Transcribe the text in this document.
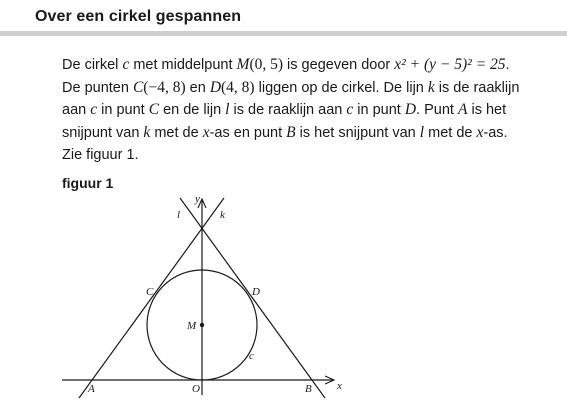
Over een cirkel gespannen
De cirkel c met middelpunt M(0, 5) is gegeven door x² + (y − 5)² = 25.
De punten C(−4, 8) en D(4, 8) liggen op de cirkel. De lijn k is de raaklijn
aan c in punt C en de lijn l is de raaklijn aan c in punt D. Punt A is het
snijpunt van k met de x-as en punt B is het snijpunt van l met de x-as.
Zie figuur 1.
figuur 1
y
x
l	k
C	D
M
c
A	O	B
